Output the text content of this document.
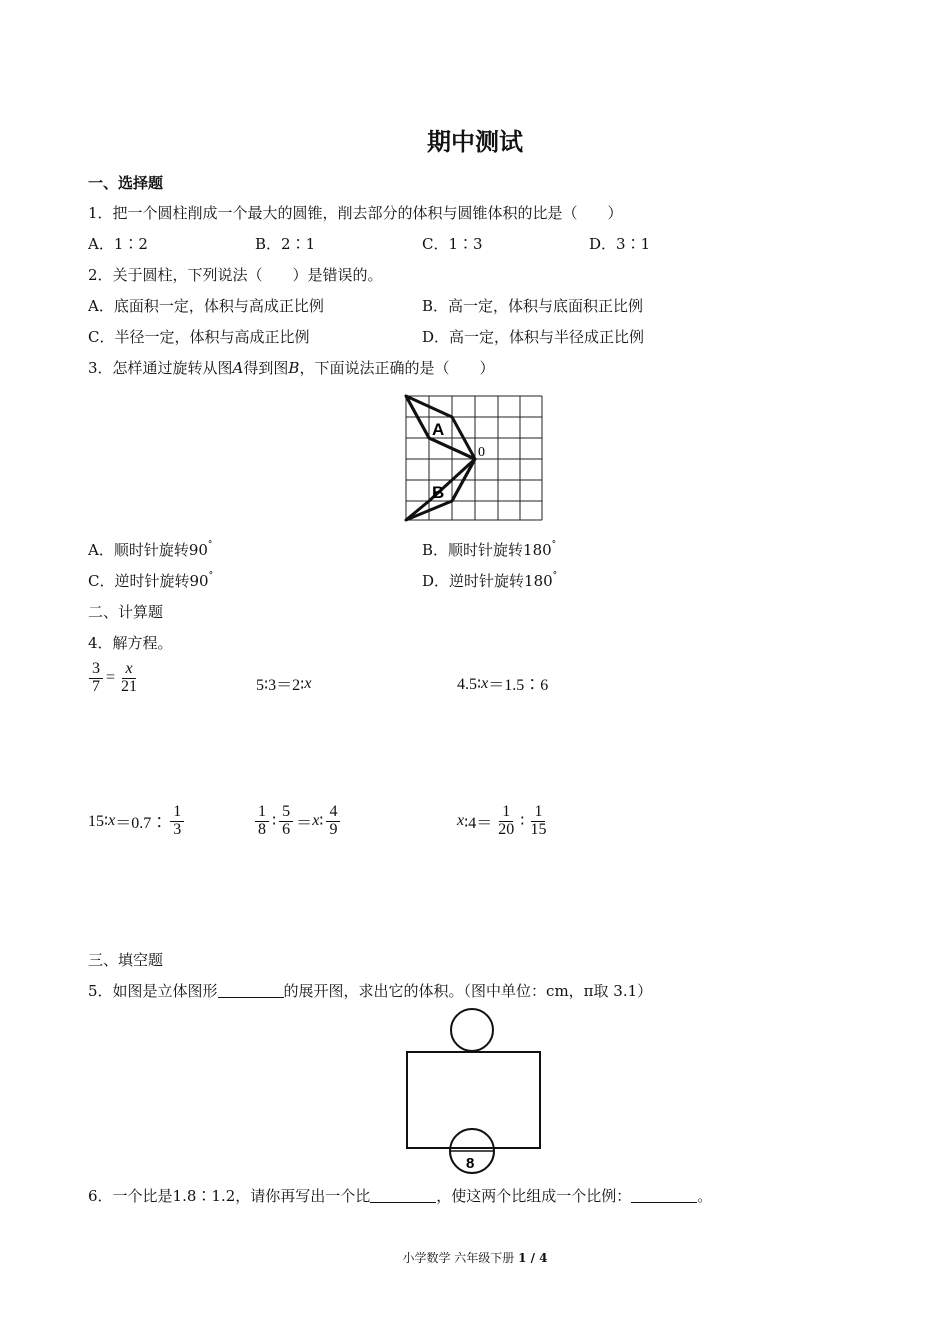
期中测试
一、选择题
1．把一个圆柱削成一个最大的圆锥，削去部分的体积与圆锥体积的比是（　　）
A．1∶2	B．2∶1	C．1∶3	D．3∶1
2．关于圆柱，下列说法（　　）是错误的。
A．底面积一定，体积与高成正比例	B．高一定，体积与底面积正比例
C．半径一定，体积与高成正比例	D．高一定，体积与半径成正比例
3．怎样通过旋转从图A得到图B，下面说法正确的是（　　）
A
B
0
A．顺时针旋转90°	B．顺时针旋转180°
C．逆时针旋转90°	D．逆时针旋转180°
二、计算题
4．解方程。
$\frac{3}{7} = \frac{x}{21}$	5∶3＝2∶ x	4.5∶ x ＝1.5∶6
15∶ x ＝0.7∶ $\frac{1}{3}$	$\frac{1}{8}$ ∶ $\frac{5}{6} = x$ ∶ $\frac{4}{9}$	x ∶4＝ $\frac{1}{20}$ ∶ $\frac{1}{15}$
三、填空题
5．如图是立体图形	的展开图，求出它的体积。（图中单位：cm，π取 3.1）
8
6．一个比是1.8∶1.2，请你再写出一个比	，使这两个比组成一个比例：	。
小学数学 六年级下册 1 / 4
